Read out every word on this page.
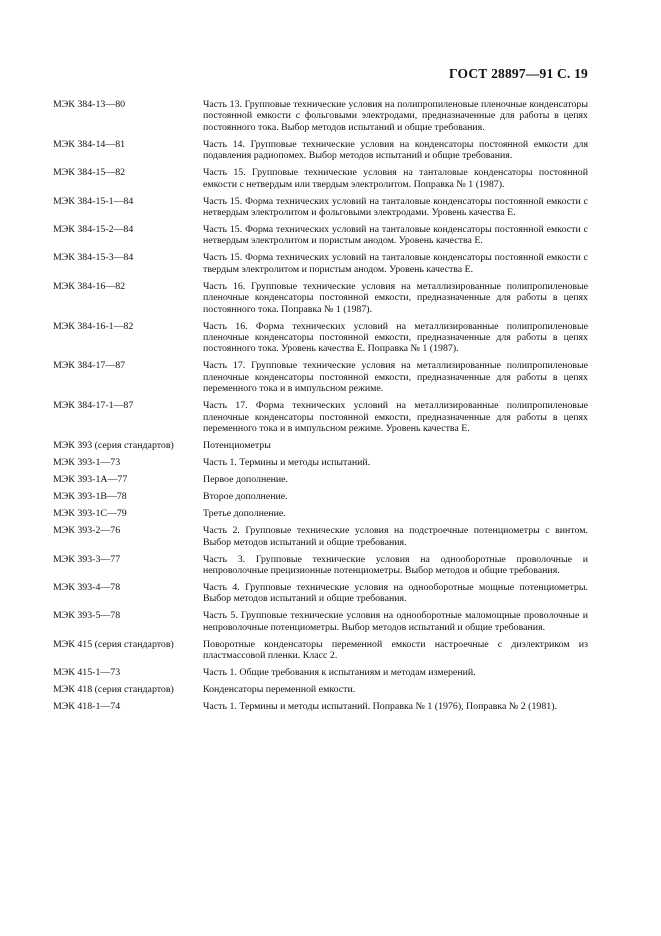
ГОСТ 28897—91 С. 19
МЭК 384-13—80	Часть 13. Групповые технические условия на полипропиленовые пленочные конденсаторы постоянной емкости с фольговыми электродами, предназначенные для работы в цепях постоянного тока. Выбор методов испытаний и общие требования.
МЭК 384-14—81	Часть 14. Групповые технические условия на конденсаторы постоянной емкости для подавления радиопомех. Выбор методов испытаний и общие требования.
МЭК 384-15—82	Часть 15. Групповые технические условия на танталовые конденсаторы постоянной емкости с нетвердым или твердым электролитом. Поправка № 1 (1987).
МЭК 384-15-1—84	Часть 15. Форма технических условий на танталовые конденсаторы постоянной емкости с нетвердым электролитом и фольговыми электродами. Уровень качества Е.
МЭК 384-15-2—84	Часть 15. Форма технических условий на танталовые конденсаторы постоянной емкости с нетвердым электролитом и пористым анодом. Уровень качества Е.
МЭК 384-15-3—84	Часть 15. Форма технических условий на танталовые конденсаторы постоянной емкости с твердым электролитом и пористым анодом. Уровень качества Е.
МЭК 384-16—82	Часть 16. Групповые технические условия на металлизированные полипропиленовые пленочные конденсаторы постоянной емкости, предназначенные для работы в цепях постоянного тока. Поправка № 1 (1987).
МЭК 384-16-1—82	Часть 16. Форма технических условий на металлизированные полипропиленовые пленочные конденсаторы постоянной емкости, предназначенные для работы в цепях постоянного тока. Уровень качества Е. Поправка № 1 (1987).
МЭК 384-17—87	Часть 17. Групповые технические условия на металлизированные полипропиленовые пленочные конденсаторы постоянной емкости, предназначенные для работы в цепях переменного тока и в импульсном режиме.
МЭК 384-17-1—87	Часть 17. Форма технических условий на металлизированные полипропиленовые пленочные конденсаторы постоянной емкости, предназначенные для работы в цепях переменного тока и в импульсном режиме. Уровень качества Е.
МЭК 393 (серия стандартов)	Потенциометры
МЭК 393-1—73	Часть 1. Термины и методы испытаний.
МЭК 393-1А—77	Первое дополнение.
МЭК 393-1В—78	Второе дополнение.
МЭК 393-1С—79	Третье дополнение.
МЭК 393-2—76	Часть 2. Групповые технические условия на подстроечные потенциометры с винтом. Выбор методов испытаний и общие требования.
МЭК 393-3—77	Часть 3. Групповые технические условия на однооборотные проволочные и непроволочные прецизионные потенциометры. Выбор методов и общие требования.
МЭК 393-4—78	Часть 4. Групповые технические условия на однооборотные мощные потенциометры. Выбор методов испытаний и общие требования.
МЭК 393-5—78	Часть 5. Групповые технические условия на однооборотные маломощные проволочные и непроволочные потенциометры. Выбор методов испытаний и общие требования.
МЭК 415 (серия стандартов)	Поворотные конденсаторы переменной емкости настроечные с диэлектриком из пластмассовой пленки. Класс 2.
МЭК 415-1—73	Часть 1. Общие требования к испытаниям и методам измерений.
МЭК 418 (серия стандартов)	Конденсаторы переменной емкости.
МЭК 418-1—74	Часть 1. Термины и методы испытаний. Поправка № 1 (1976), Поправка № 2 (1981).
